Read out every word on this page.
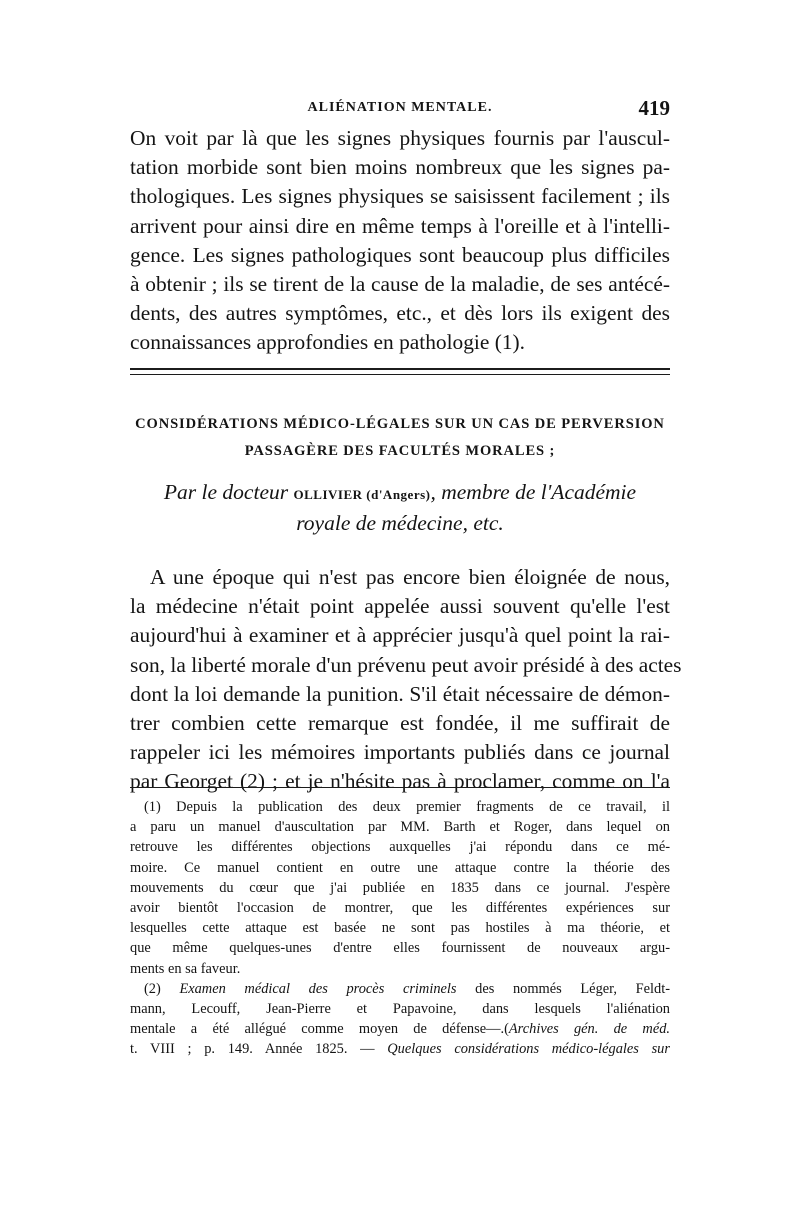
ALIÉNATION MENTALE.	419
On voit par là que les signes physiques fournis par l'auscul-
tation morbide sont bien moins nombreux que les signes pa-
thologiques. Les signes physiques se saisissent facilement ; ils
arrivent pour ainsi dire en même temps à l'oreille et à l'intelli-
gence. Les signes pathologiques sont beaucoup plus difficiles
à obtenir ; ils se tirent de la cause de la maladie, de ses antécé-
dents, des autres symptômes, etc., et dès lors ils exigent des
connaissances approfondies en pathologie (1).
CONSIDÉRATIONS MÉDICO-LÉGALES SUR UN CAS DE PERVERSION
PASSAGÈRE DES FACULTÉS MORALES ;
Par le docteur OLLIVIER (d'Angers), membre de l'Académie
royale de médecine, etc.
A une époque qui n'est pas encore bien éloignée de nous,
la médecine n'était point appelée aussi souvent qu'elle l'est
aujourd'hui à examiner et à apprécier jusqu'à quel point la rai-
son, la liberté morale d'un prévenu peut avoir présidé à des actes
dont la loi demande la punition. S'il était nécessaire de démon-
trer combien cette remarque est fondée, il me suffirait de
rappeler ici les mémoires importants publiés dans ce journal
par Georget (2) ; et je n'hésite pas à proclamer, comme on l'a
(1) Depuis la publication des deux premier fragments de ce travail, il
a paru un manuel d'auscultation par MM. Barth et Roger, dans lequel on
retrouve les différentes objections auxquelles j'ai répondu dans ce mé-
moire. Ce manuel contient en outre une attaque contre la théorie des
mouvements du cœur que j'ai publiée en 1835 dans ce journal. J'espère
avoir bientôt l'occasion de montrer, que les différentes expériences sur
lesquelles cette attaque est basée ne sont pas hostiles à ma théorie, et
que même quelques-unes d'entre elles fournissent de nouveaux argu-
ments en sa faveur.
(2) Examen médical des procès criminels des nommés Léger, Feldt-
mann, Lecouff, Jean-Pierre et Papavoine, dans lesquels l'aliénation
mentale a été allégué comme moyen de défense—.(Archives gén. de méd.
t. VIII ; p. 149. Année 1825. — Quelques considérations médico-légales sur
